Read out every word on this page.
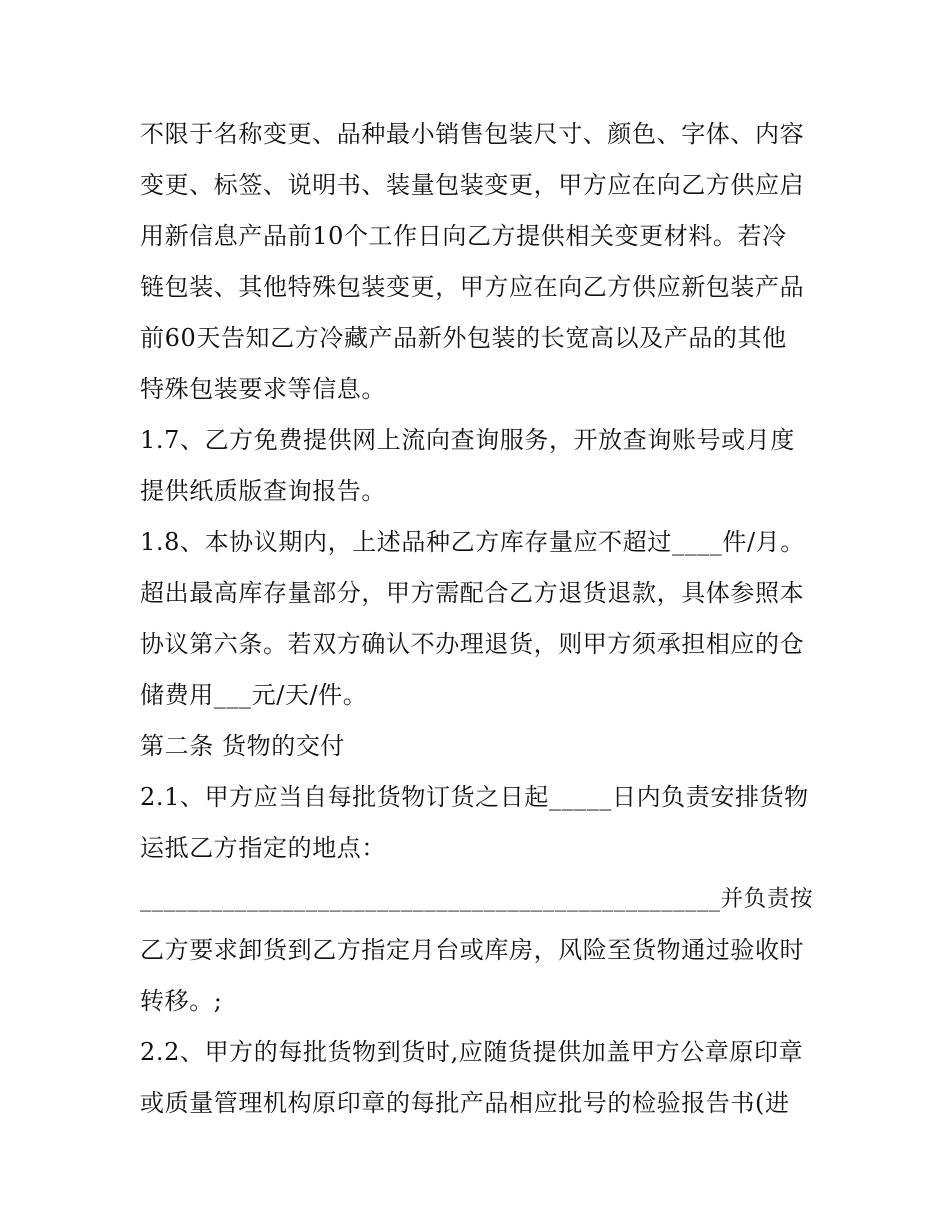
不限于名称变更、品种最小销售包装尺寸、颜色、字体、内容
变更、标签、说明书、装量包装变更，甲方应在向乙方供应启
用新信息产品前10个工作日向乙方提供相关变更材料。若冷
链包装、其他特殊包装变更，甲方应在向乙方供应新包装产品
前60天告知乙方冷藏产品新外包装的长宽高以及产品的其他
特殊包装要求等信息。
1.7、乙方免费提供网上流向查询服务，开放查询账号或月度
提供纸质版查询报告。
1.8、本协议期内，上述品种乙方库存量应不超过____件/月。
超出最高库存量部分，甲方需配合乙方退货退款，具体参照本
协议第六条。若双方确认不办理退货，则甲方须承担相应的仓
储费用___元/天/件。
第二条 货物的交付
2.1、甲方应当自每批货物订货之日起_____日内负责安排货物
运抵乙方指定的地点：
_________________________________________________并负责按
乙方要求卸货到乙方指定月台或库房，风险至货物通过验收时
转移。;
2.2、甲方的每批货物到货时,应随货提供加盖甲方公章原印章
或质量管理机构原印章的每批产品相应批号的检验报告书(进
